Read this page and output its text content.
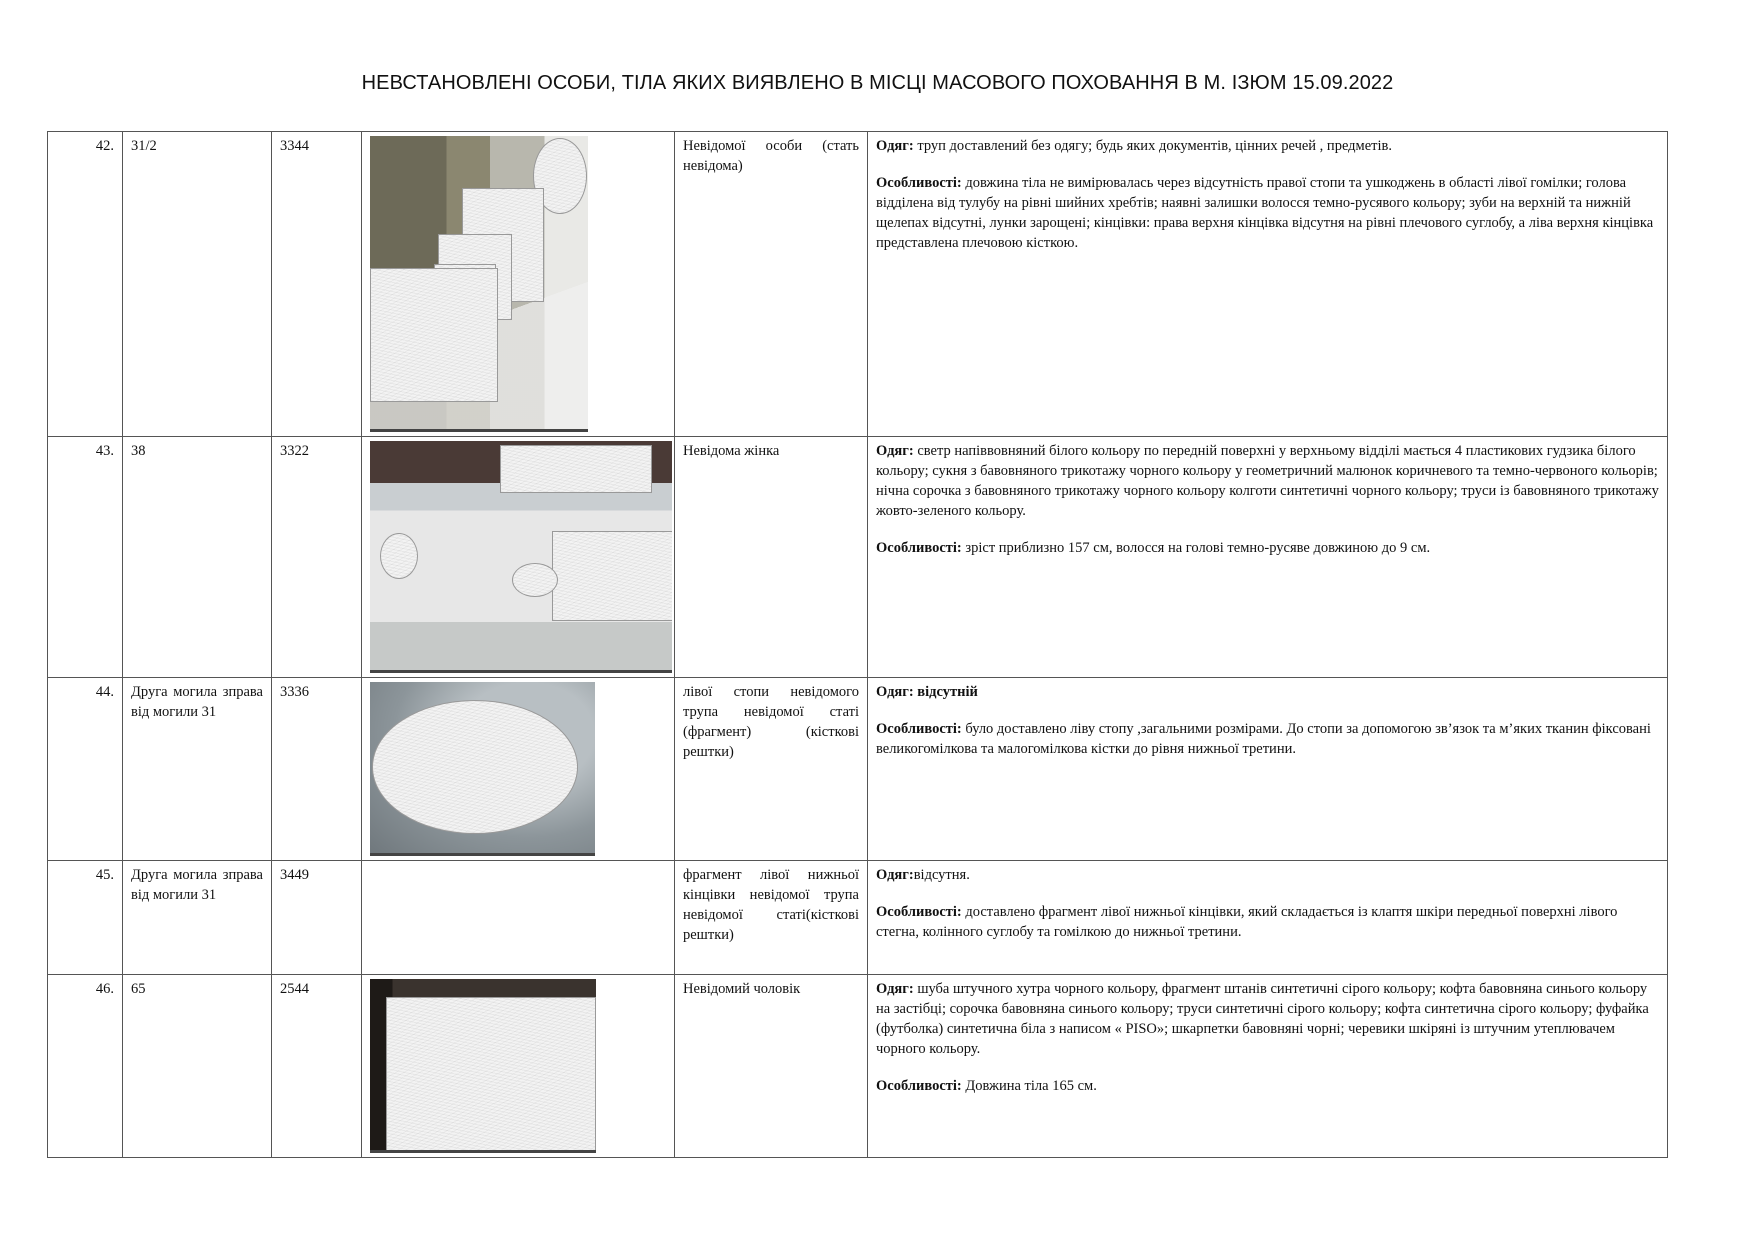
НЕВСТАНОВЛЕНІ ОСОБИ, ТІЛА ЯКИХ ВИЯВЛЕНО В МІСЦІ МАСОВОГО ПОХОВАННЯ В М. ІЗЮМ 15.09.2022
42.	31/2	3344		Невідомої особи (стать невідома)	Одяг: труп доставлений без одягу; будь яких документів, цінних речей , предметів.

Особливості: довжина тіла не вимірювалась через відсутність правої стопи та ушкоджень в області лівої гомілки; голова відділена від тулубу на рівні шийних хребтів; наявні залишки волосся темно-русявого кольору; зуби на верхній та нижній щелепах відсутні, лунки зарощені; кінцівки: права верхня кінцівка відсутня на рівні плечового суглобу, а ліва верхня кінцівка представлена плечовою кісткою.

43.	38	3322		Невідома жінка	Одяг: светр напіввовняний білого кольору по передній поверхні у верхньому відділі мається 4 пластикових гудзика білого кольору; сукня з бавовняного трикотажу чорного кольору у геометричний малюнок коричневого та темно-червоного кольорів; нічна сорочка з бавовняного трикотажу чорного кольору колготи синтетичні чорного кольору; труси із бавовняного трикотажу жовто-зеленого кольору.

Особливості: зріст приблизно 157 см, волосся на голові темно-русяве довжиною до 9 см.

44.	Друга могила зправа від могили 31	3336		лівої стопи невідомого трупа невідомої статі (фрагмент) (кісткові рештки)	Одяг: відсутній

Особливості: було доставлено ліву стопу ,загальними розмірами. До стопи за допомогою зв’язок та м’яких тканин фіксовані великогомілкова та малогомілкова кістки до рівня нижньої третини.

45.	Друга могила зправа від могили 31	3449		фрагмент лівої нижньої кінцівки невідомої трупа невідомої статі(кісткові рештки)	Одяг:відсутня.

Особливості: доставлено фрагмент лівої нижньої кінцівки, який складається із клаптя шкіри передньої поверхні лівого стегна, колінного суглобу та гомілкою до нижньої третини.

46.	65	2544		Невідомий чоловік	Одяг: шуба штучного хутра чорного кольору, фрагмент штанів синтетичні сірого кольору; кофта бавовняна синього кольору на застібці; сорочка бавовняна синього кольору; труси синтетичні сірого кольору; кофта синтетична сірого кольору; фуфайка (футболка) синтетична біла з написом « PISO»; шкарпетки бавовняні чорні; черевики шкіряні із штучним утеплювачем чорного кольору.

Особливості: Довжина тіла 165 см.
